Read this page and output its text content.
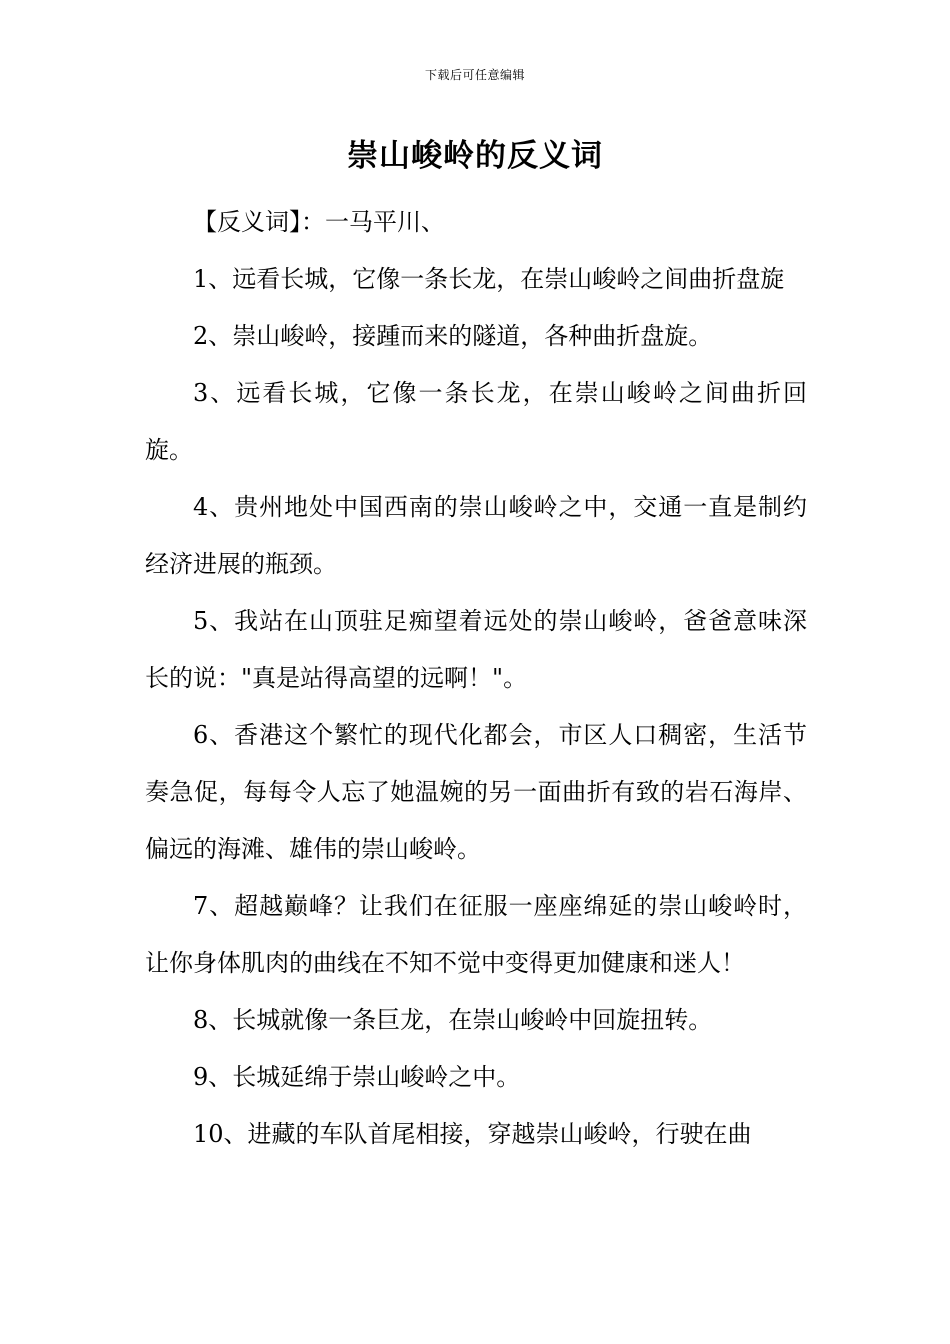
下载后可任意编辑
崇山峻岭的反义词

【反义词】：一马平川、

1、远看长城，它像一条长龙，在崇山峻岭之间曲折盘旋

2、崇山峻岭，接踵而来的隧道，各种曲折盘旋。

3、远看长城，它像一条长龙，在崇山峻岭之间曲折回旋。

4、贵州地处中国西南的崇山峻岭之中，交通一直是制约经济进展的瓶颈。

5、我站在山顶驻足痴望着远处的崇山峻岭，爸爸意味深长的说："真是站得高望的远啊！"。

6、香港这个繁忙的现代化都会，市区人口稠密，生活节奏急促，每每令人忘了她温婉的另一面曲折有致的岩石海岸、偏远的海滩、雄伟的崇山峻岭。

7、超越巅峰？让我们在征服一座座绵延的崇山峻岭时，让你身体肌肉的曲线在不知不觉中变得更加健康和迷人！

8、长城就像一条巨龙，在崇山峻岭中回旋扭转。

9、长城延绵于崇山峻岭之中。

10、进藏的车队首尾相接，穿越崇山峻岭，行驶在曲
